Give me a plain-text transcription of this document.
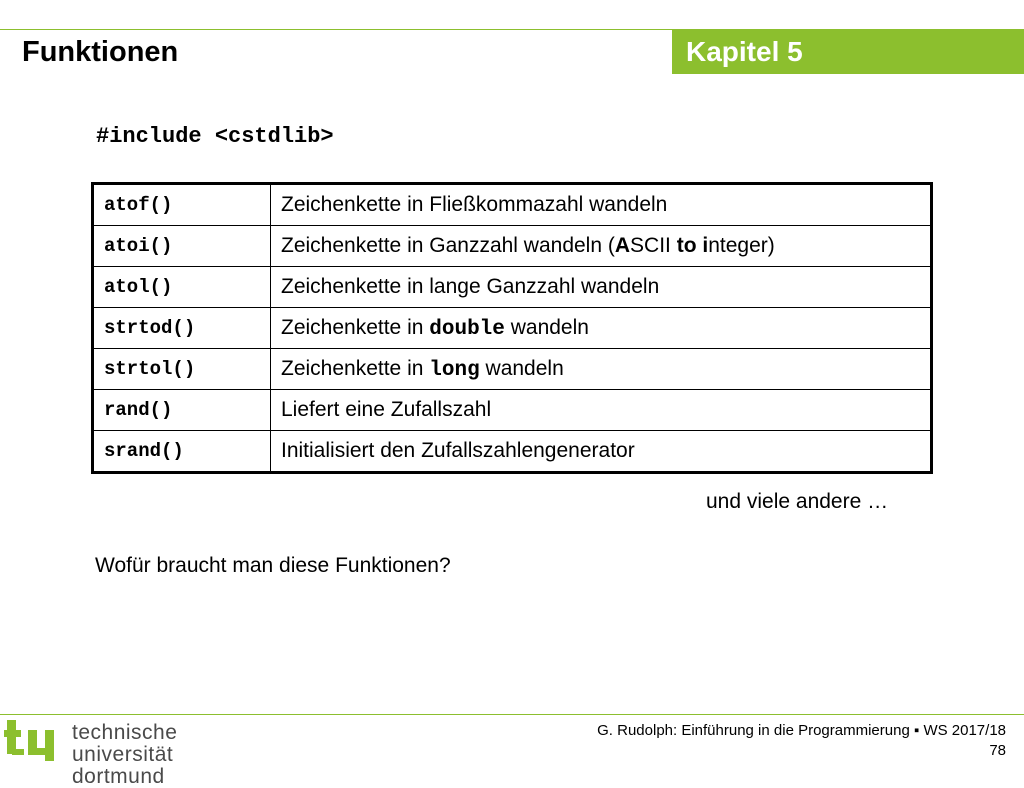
Funktionen	Kapitel 5
#include <cstdlib>
atof()	Zeichenkette in Fließkommazahl wandeln
atoi()	Zeichenkette in Ganzzahl wandeln (ASCII to integer)
atol()	Zeichenkette in lange Ganzzahl wandeln
strtod()	Zeichenkette in double wandeln
strtol()	Zeichenkette in long wandeln
rand()	Liefert eine Zufallszahl
srand()	Initialisiert den Zufallszahlengenerator
und viele andere …
Wofür braucht man diese Funktionen?
technische universität
dortmund
G. Rudolph: Einführung in die Programmierung ▪ WS 2017/18
78
